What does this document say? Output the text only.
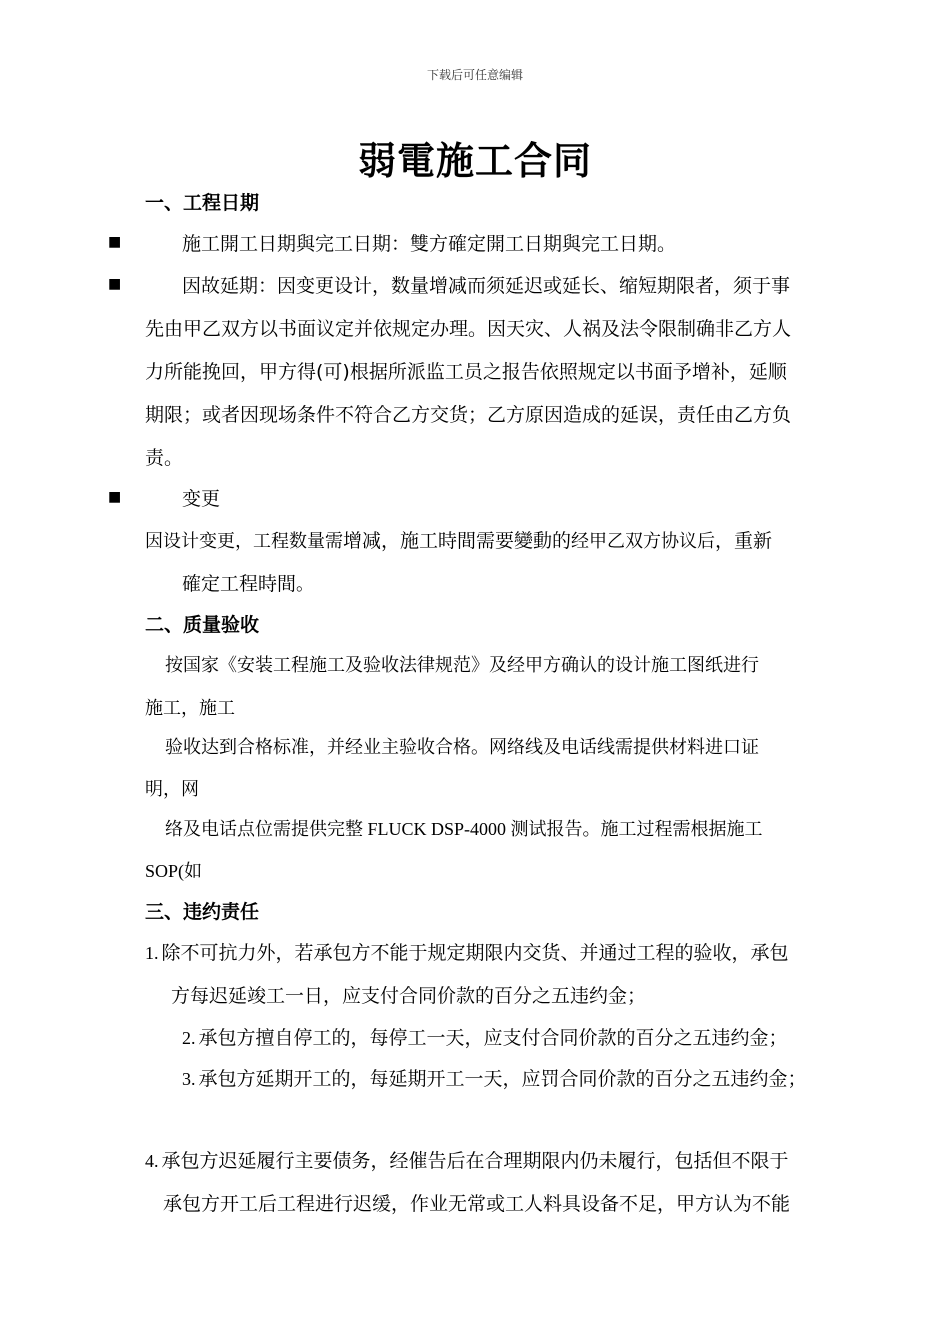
下载后可任意编辑
弱電施工合同
一、工程日期
■	施工開工日期與完工日期：雙方確定開工日期與完工日期。
■	因故延期：因变更设计，数量增减而须延迟或延长、缩短期限者，须于事
先由甲乙双方以书面议定并依规定办理。因天灾、人祸及法令限制确非乙方人
力所能挽回，甲方得(可)根据所派监工员之报告依照规定以书面予增补，延顺
期限；或者因现场条件不符合乙方交货；乙方原因造成的延误，责任由乙方负
责。
■	变更
因设计变更，工程数量需增减，施工時間需要變動的经甲乙双方协议后，重新
確定工程時間。
二、质量验收
按国家《安装工程施工及验收法律规范》及经甲方确认的设计施工图纸进行
施工，施工
验收达到合格标准，并经业主验收合格。网络线及电话线需提供材料进口证
明，网
络及电话点位需提供完整 FLUCK DSP-4000 测试报告。施工过程需根据施工
SOP(如
三、违约责任
1. 除不可抗力外，若承包方不能于规定期限内交货、并通过工程的验收，承包
方每迟延竣工一日，应支付合同价款的百分之五违约金；
2. 承包方擅自停工的，每停工一天，应支付合同价款的百分之五违约金；
3. 承包方延期开工的，每延期开工一天，应罚合同价款的百分之五违约金；
4. 承包方迟延履行主要债务，经催告后在合理期限内仍未履行，包括但不限于
承包方开工后工程进行迟缓，作业无常或工人料具设备不足，甲方认为不能
